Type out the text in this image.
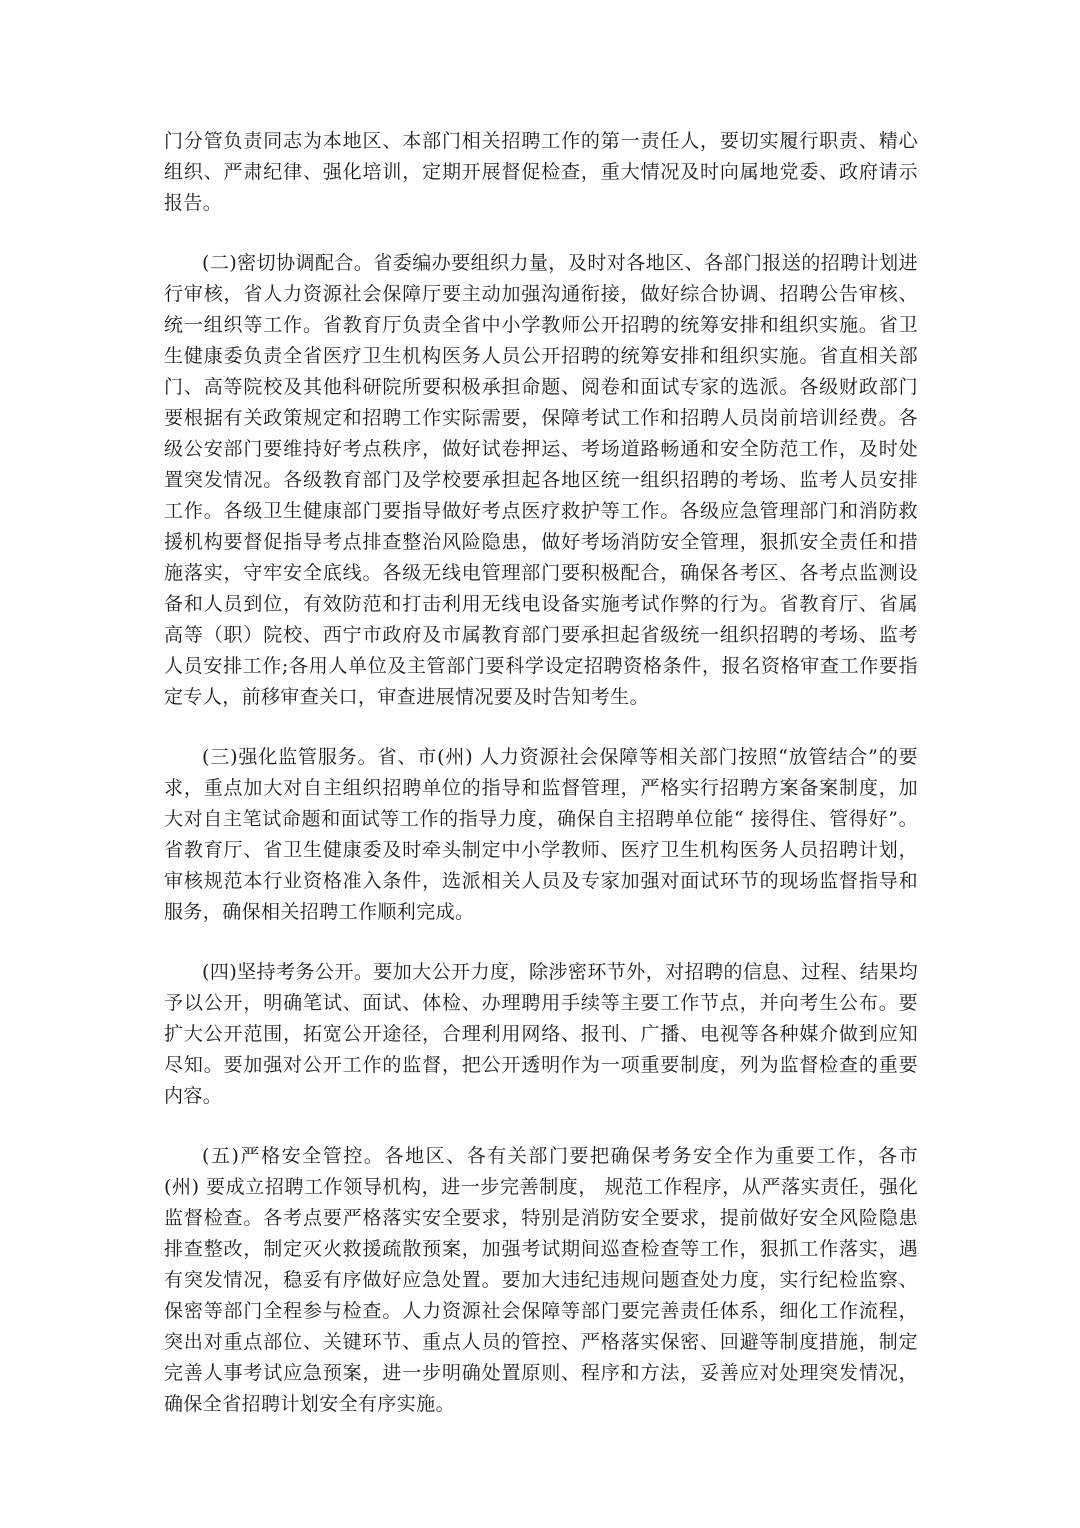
门分管负责同志为本地区、本部门相关招聘工作的第一责任人，要切实履行职责、精心组织、严肃纪律、强化培训，定期开展督促检查，重大情况及时向属地党委、政府请示报告。

(二)密切协调配合。省委编办要组织力量，及时对各地区、各部门报送的招聘计划进行审核，省人力资源社会保障厅要主动加强沟通衔接，做好综合协调、招聘公告审核、统一组织等工作。省教育厅负责全省中小学教师公开招聘的统筹安排和组织实施。省卫生健康委负责全省医疗卫生机构医务人员公开招聘的统筹安排和组织实施。省直相关部门、高等院校及其他科研院所要积极承担命题、阅卷和面试专家的选派。各级财政部门要根据有关政策规定和招聘工作实际需要，保障考试工作和招聘人员岗前培训经费。各级公安部门要维持好考点秩序，做好试卷押运、考场道路畅通和安全防范工作，及时处置突发情况。各级教育部门及学校要承担起各地区统一组织招聘的考场、监考人员安排工作。各级卫生健康部门要指导做好考点医疗救护等工作。各级应急管理部门和消防救援机构要督促指导考点排查整治风险隐患，做好考场消防安全管理，狠抓安全责任和措施落实，守牢安全底线。各级无线电管理部门要积极配合，确保各考区、各考点监测设备和人员到位，有效防范和打击利用无线电设备实施考试作弊的行为。省教育厅、省属高等（职）院校、西宁市政府及市属教育部门要承担起省级统一组织招聘的考场、监考人员安排工作;各用人单位及主管部门要科学设定招聘资格条件，报名资格审查工作要指定专人，前移审查关口，审查进展情况要及时告知考生。

(三)强化监管服务。省、市(州) 人力资源社会保障等相关部门按照“放管结合”的要求，重点加大对自主组织招聘单位的指导和监督管理，严格实行招聘方案备案制度，加大对自主笔试命题和面试等工作的指导力度，确保自主招聘单位能“ 接得住、管得好”。省教育厅、省卫生健康委及时牵头制定中小学教师、医疗卫生机构医务人员招聘计划，审核规范本行业资格准入条件，选派相关人员及专家加强对面试环节的现场监督指导和服务，确保相关招聘工作顺利完成。

(四)坚持考务公开。要加大公开力度，除涉密环节外，对招聘的信息、过程、结果均予以公开，明确笔试、面试、体检、办理聘用手续等主要工作节点，并向考生公布。要扩大公开范围，拓宽公开途径，合理利用网络、报刊、广播、电视等各种媒介做到应知尽知。要加强对公开工作的监督，把公开透明作为一项重要制度，列为监督检查的重要内容。

(五)严格安全管控。各地区、各有关部门要把确保考务安全作为重要工作，各市 (州) 要成立招聘工作领导机构，进一步完善制度， 规范工作程序，从严落实责任，强化监督检查。各考点要严格落实安全要求，特别是消防安全要求，提前做好安全风险隐患排查整改，制定灭火救援疏散预案，加强考试期间巡查检查等工作，狠抓工作落实，遇有突发情况，稳妥有序做好应急处置。要加大违纪违规问题查处力度，实行纪检监察、保密等部门全程参与检查。人力资源社会保障等部门要完善责任体系，细化工作流程，突出对重点部位、关键环节、重点人员的管控、严格落实保密、回避等制度措施，制定完善人事考试应急预案，进一步明确处置原则、程序和方法，妥善应对处理突发情况，确保全省招聘计划安全有序实施。
